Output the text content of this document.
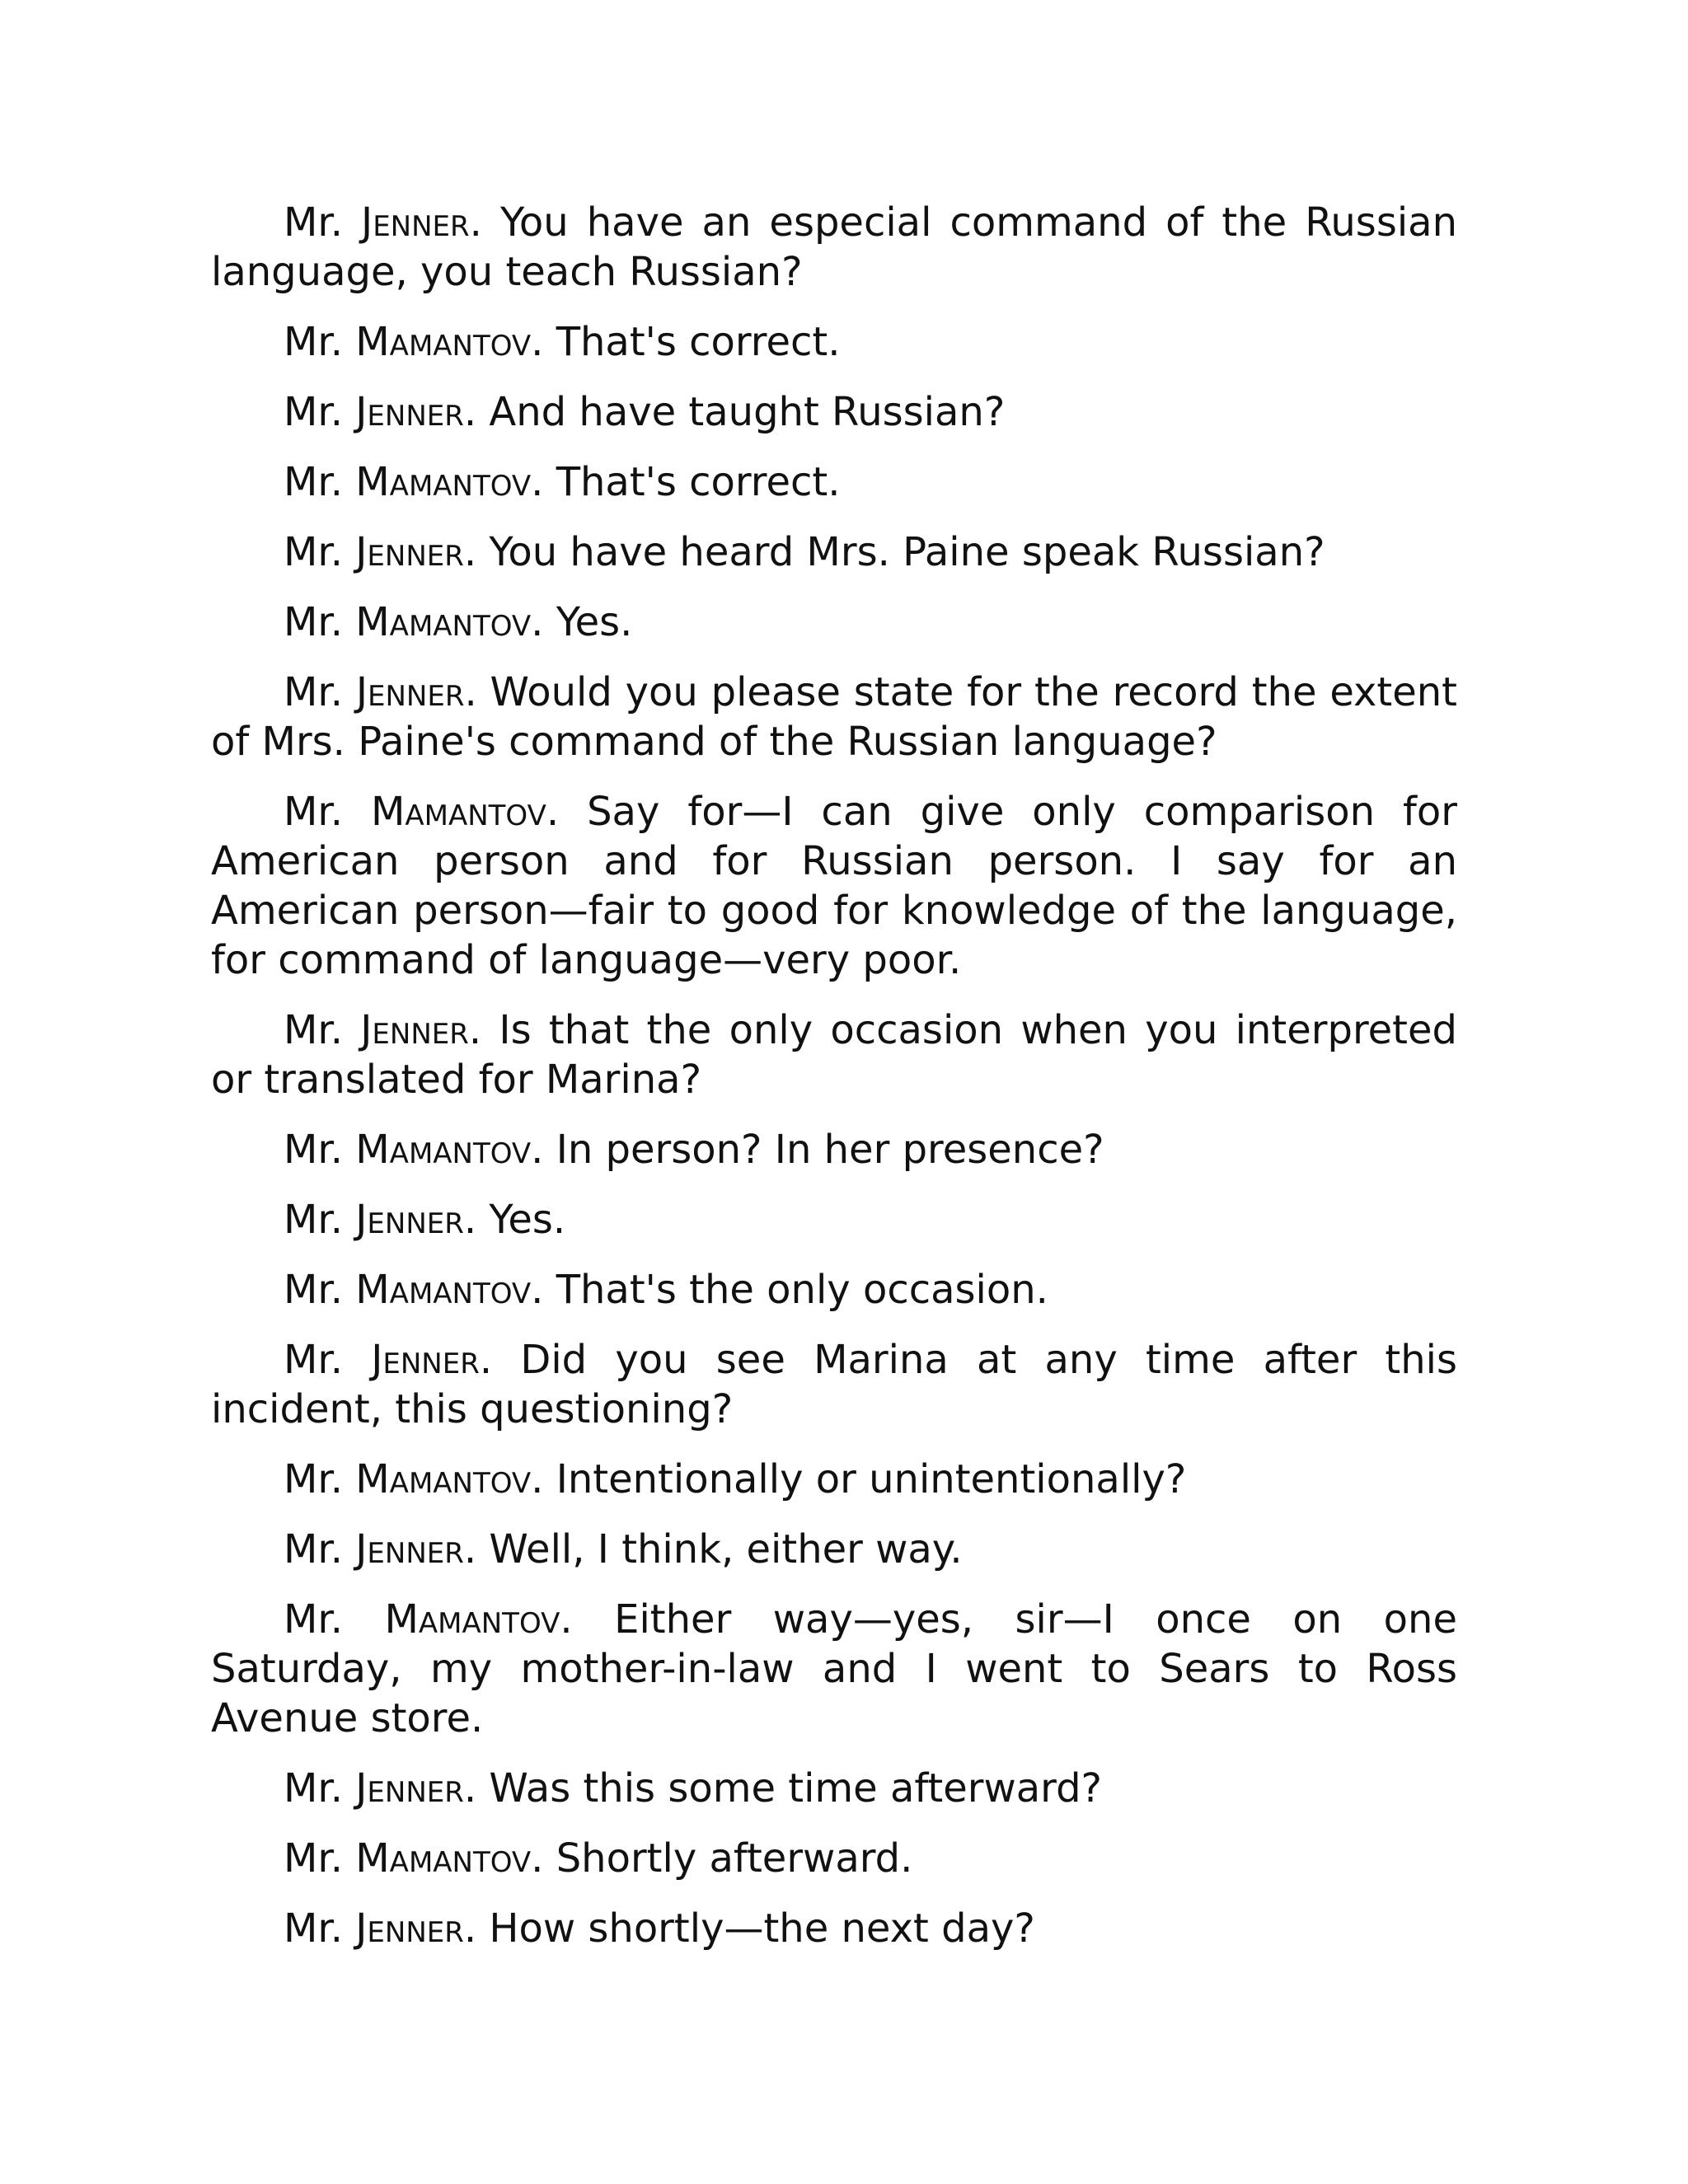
Mr. Jenner. You have an especial command of the Russian language, you teach Russian?

Mr. Mamantov. That's correct.

Mr. Jenner. And have taught Russian?

Mr. Mamantov. That's correct.

Mr. Jenner. You have heard Mrs. Paine speak Russian?

Mr. Mamantov. Yes.

Mr. Jenner. Would you please state for the record the extent of Mrs. Paine's command of the Russian language?

Mr. Mamantov. Say for—I can give only comparison for American person and for Russian person. I say for an American person—fair to good for knowledge of the language, for command of language—very poor.

Mr. Jenner. Is that the only occasion when you interpreted or translated for Marina?

Mr. Mamantov. In person? In her presence?

Mr. Jenner. Yes.

Mr. Mamantov. That's the only occasion.

Mr. Jenner. Did you see Marina at any time after this incident, this questioning?

Mr. Mamantov. Intentionally or unintentionally?

Mr. Jenner. Well, I think, either way.

Mr. Mamantov. Either way—yes, sir—I once on one Saturday, my mother-in-law and I went to Sears to Ross Avenue store.

Mr. Jenner. Was this some time afterward?

Mr. Mamantov. Shortly afterward.

Mr. Jenner. How shortly—the next day?
